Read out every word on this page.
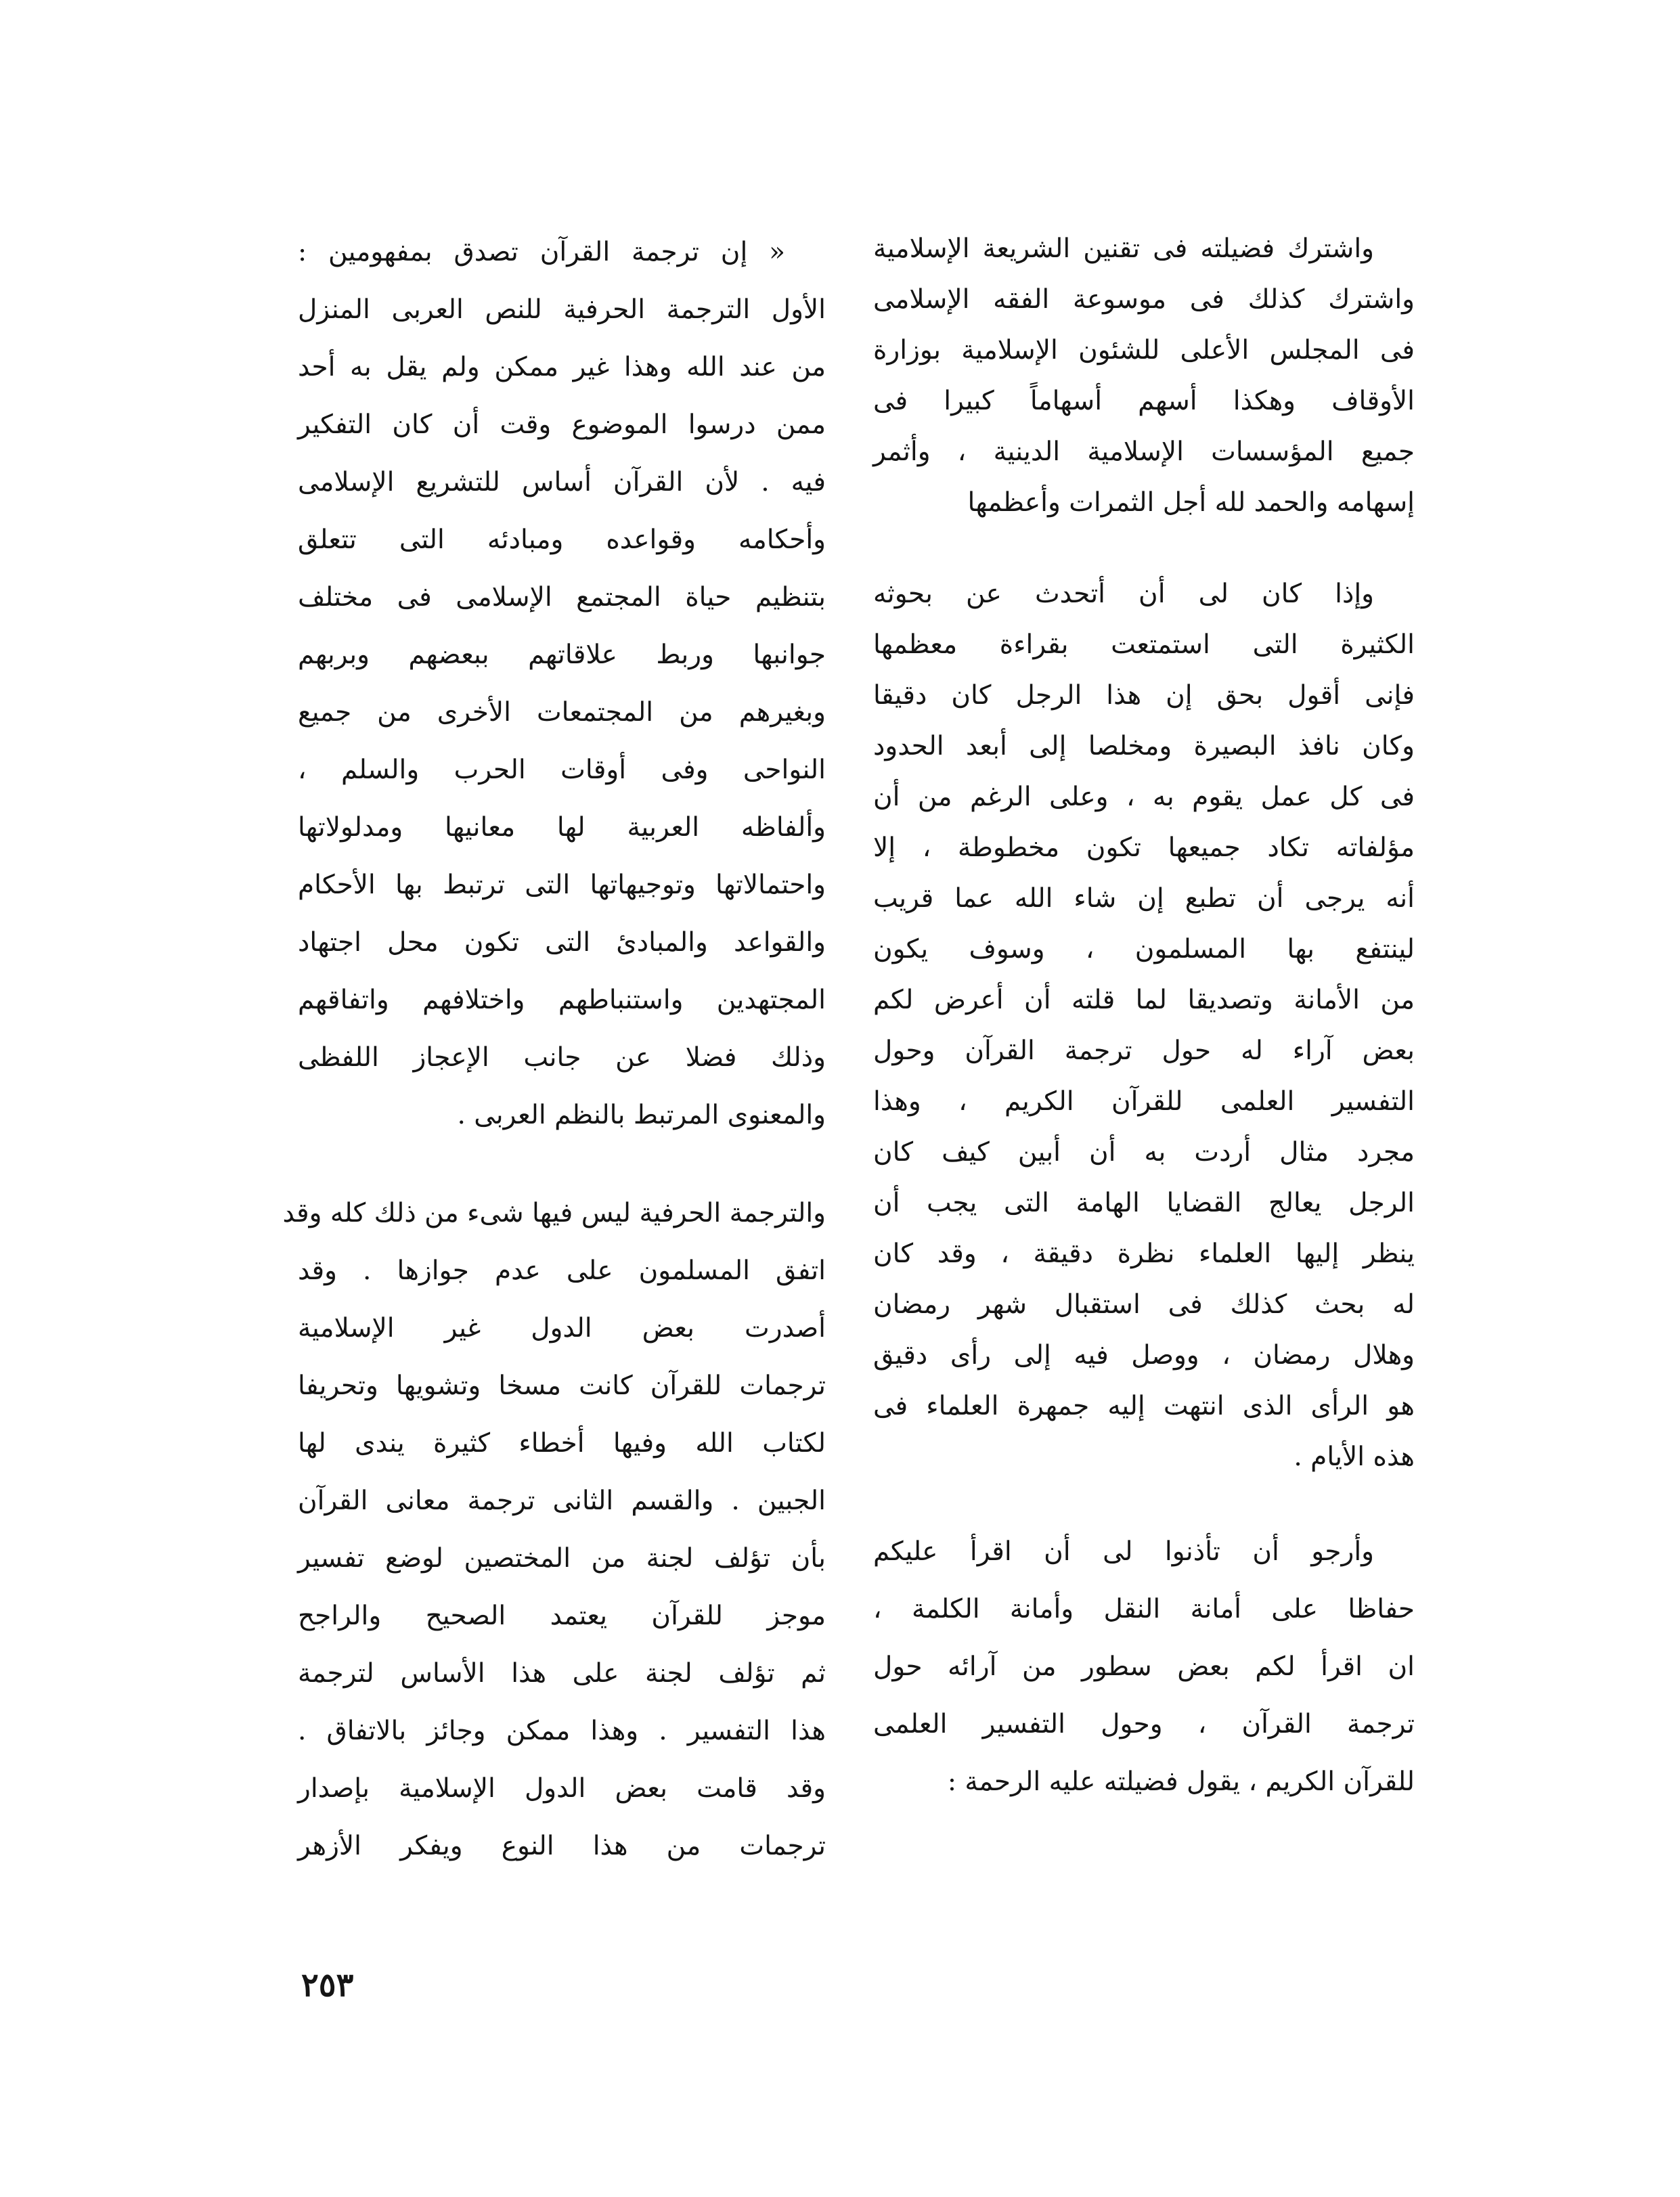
واشترك فضيلته فى تقنين الشريعة الإسلامية
واشترك كذلك فى موسوعة الفقه الإسلامى
فى المجلس الأعلى للشئون الإسلامية بوزارة
الأوقاف وهكذا أسهم أسهاماً كبيرا فى
جميع المؤسسات الإسلامية الدينية ، وأثمر
إسهامه والحمد لله أجل الثمرات وأعظمها
وإذا كان لى أن أتحدث عن بحوثه
الكثيرة التى استمتعت بقراءة معظمها
فإنى أقول بحق إن هذا الرجل كان دقيقا
وكان نافذ البصيرة ومخلصا إلى أبعد الحدود
فى كل عمل يقوم به ، وعلى الرغم من أن
مؤلفاته تكاد جميعها تكون مخطوطة ، إلا
أنه يرجى أن تطبع إن شاء الله عما قريب
لينتفع بها المسلمون ، وسوف يكون
من الأمانة وتصديقا لما قلته أن أعرض لكم
بعض آراء له حول ترجمة القرآن وحول
التفسير العلمى للقرآن الكريم ، وهذا
مجرد مثال أردت به أن أبين كيف كان
الرجل يعالج القضايا الهامة التى يجب أن
ينظر إليها العلماء نظرة دقيقة ، وقد كان
له بحث كذلك فى استقبال شهر رمضان
وهلال رمضان ، ووصل فيه إلى رأى دقيق
هو الرأى الذى انتهت إليه جمهرة العلماء فى
هذه الأيام .
وأرجو أن تأذنوا لى أن اقرأ عليكم
حفاظا على أمانة النقل وأمانة الكلمة ،
ان اقرأ لكم بعض سطور من آرائه حول
ترجمة القرآن ، وحول التفسير العلمى
للقرآن الكريم ، يقول فضيلته عليه الرحمة :
« إن ترجمة القرآن تصدق بمفهومين :
الأول الترجمة الحرفية للنص العربى المنزل
من عند الله وهذا غير ممكن ولم يقل به أحد
ممن درسوا الموضوع وقت أن كان التفكير
فيه . لأن القرآن أساس للتشريع الإسلامى
وأحكامه وقواعده ومبادئه التى تتعلق
بتنظيم حياة المجتمع الإسلامى فى مختلف
جوانبها وربط علاقاتهم ببعضهم وبربهم
وبغيرهم من المجتمعات الأخرى من جميع
النواحى وفى أوقات الحرب والسلم ،
وألفاظه العربية لها معانيها ومدلولاتها
واحتمالاتها وتوجيهاتها التى ترتبط بها الأحكام
والقواعد والمبادئ التى تكون محل اجتهاد
المجتهدين واستنباطهم واختلافهم واتفاقهم
وذلك فضلا عن جانب الإعجاز اللفظى
والمعنوى المرتبط بالنظم العربى .
والترجمة الحرفية ليس فيها شىء من ذلك كله وقد
اتفق المسلمون على عدم جوازها . وقد
أصدرت بعض الدول غير الإسلامية
ترجمات للقرآن كانت مسخا وتشويها وتحريفا
لكتاب الله وفيها أخطاء كثيرة يندى لها
الجبين . والقسم الثانى ترجمة معانى القرآن
بأن تؤلف لجنة من المختصين لوضع تفسير
موجز للقرآن يعتمد الصحيح والراجح
ثم تؤلف لجنة على هذا الأساس لترجمة
هذا التفسير . وهذا ممكن وجائز بالاتفاق .
وقد قامت بعض الدول الإسلامية بإصدار
ترجمات من هذا النوع ويفكر الأزهر
٢٥٣
